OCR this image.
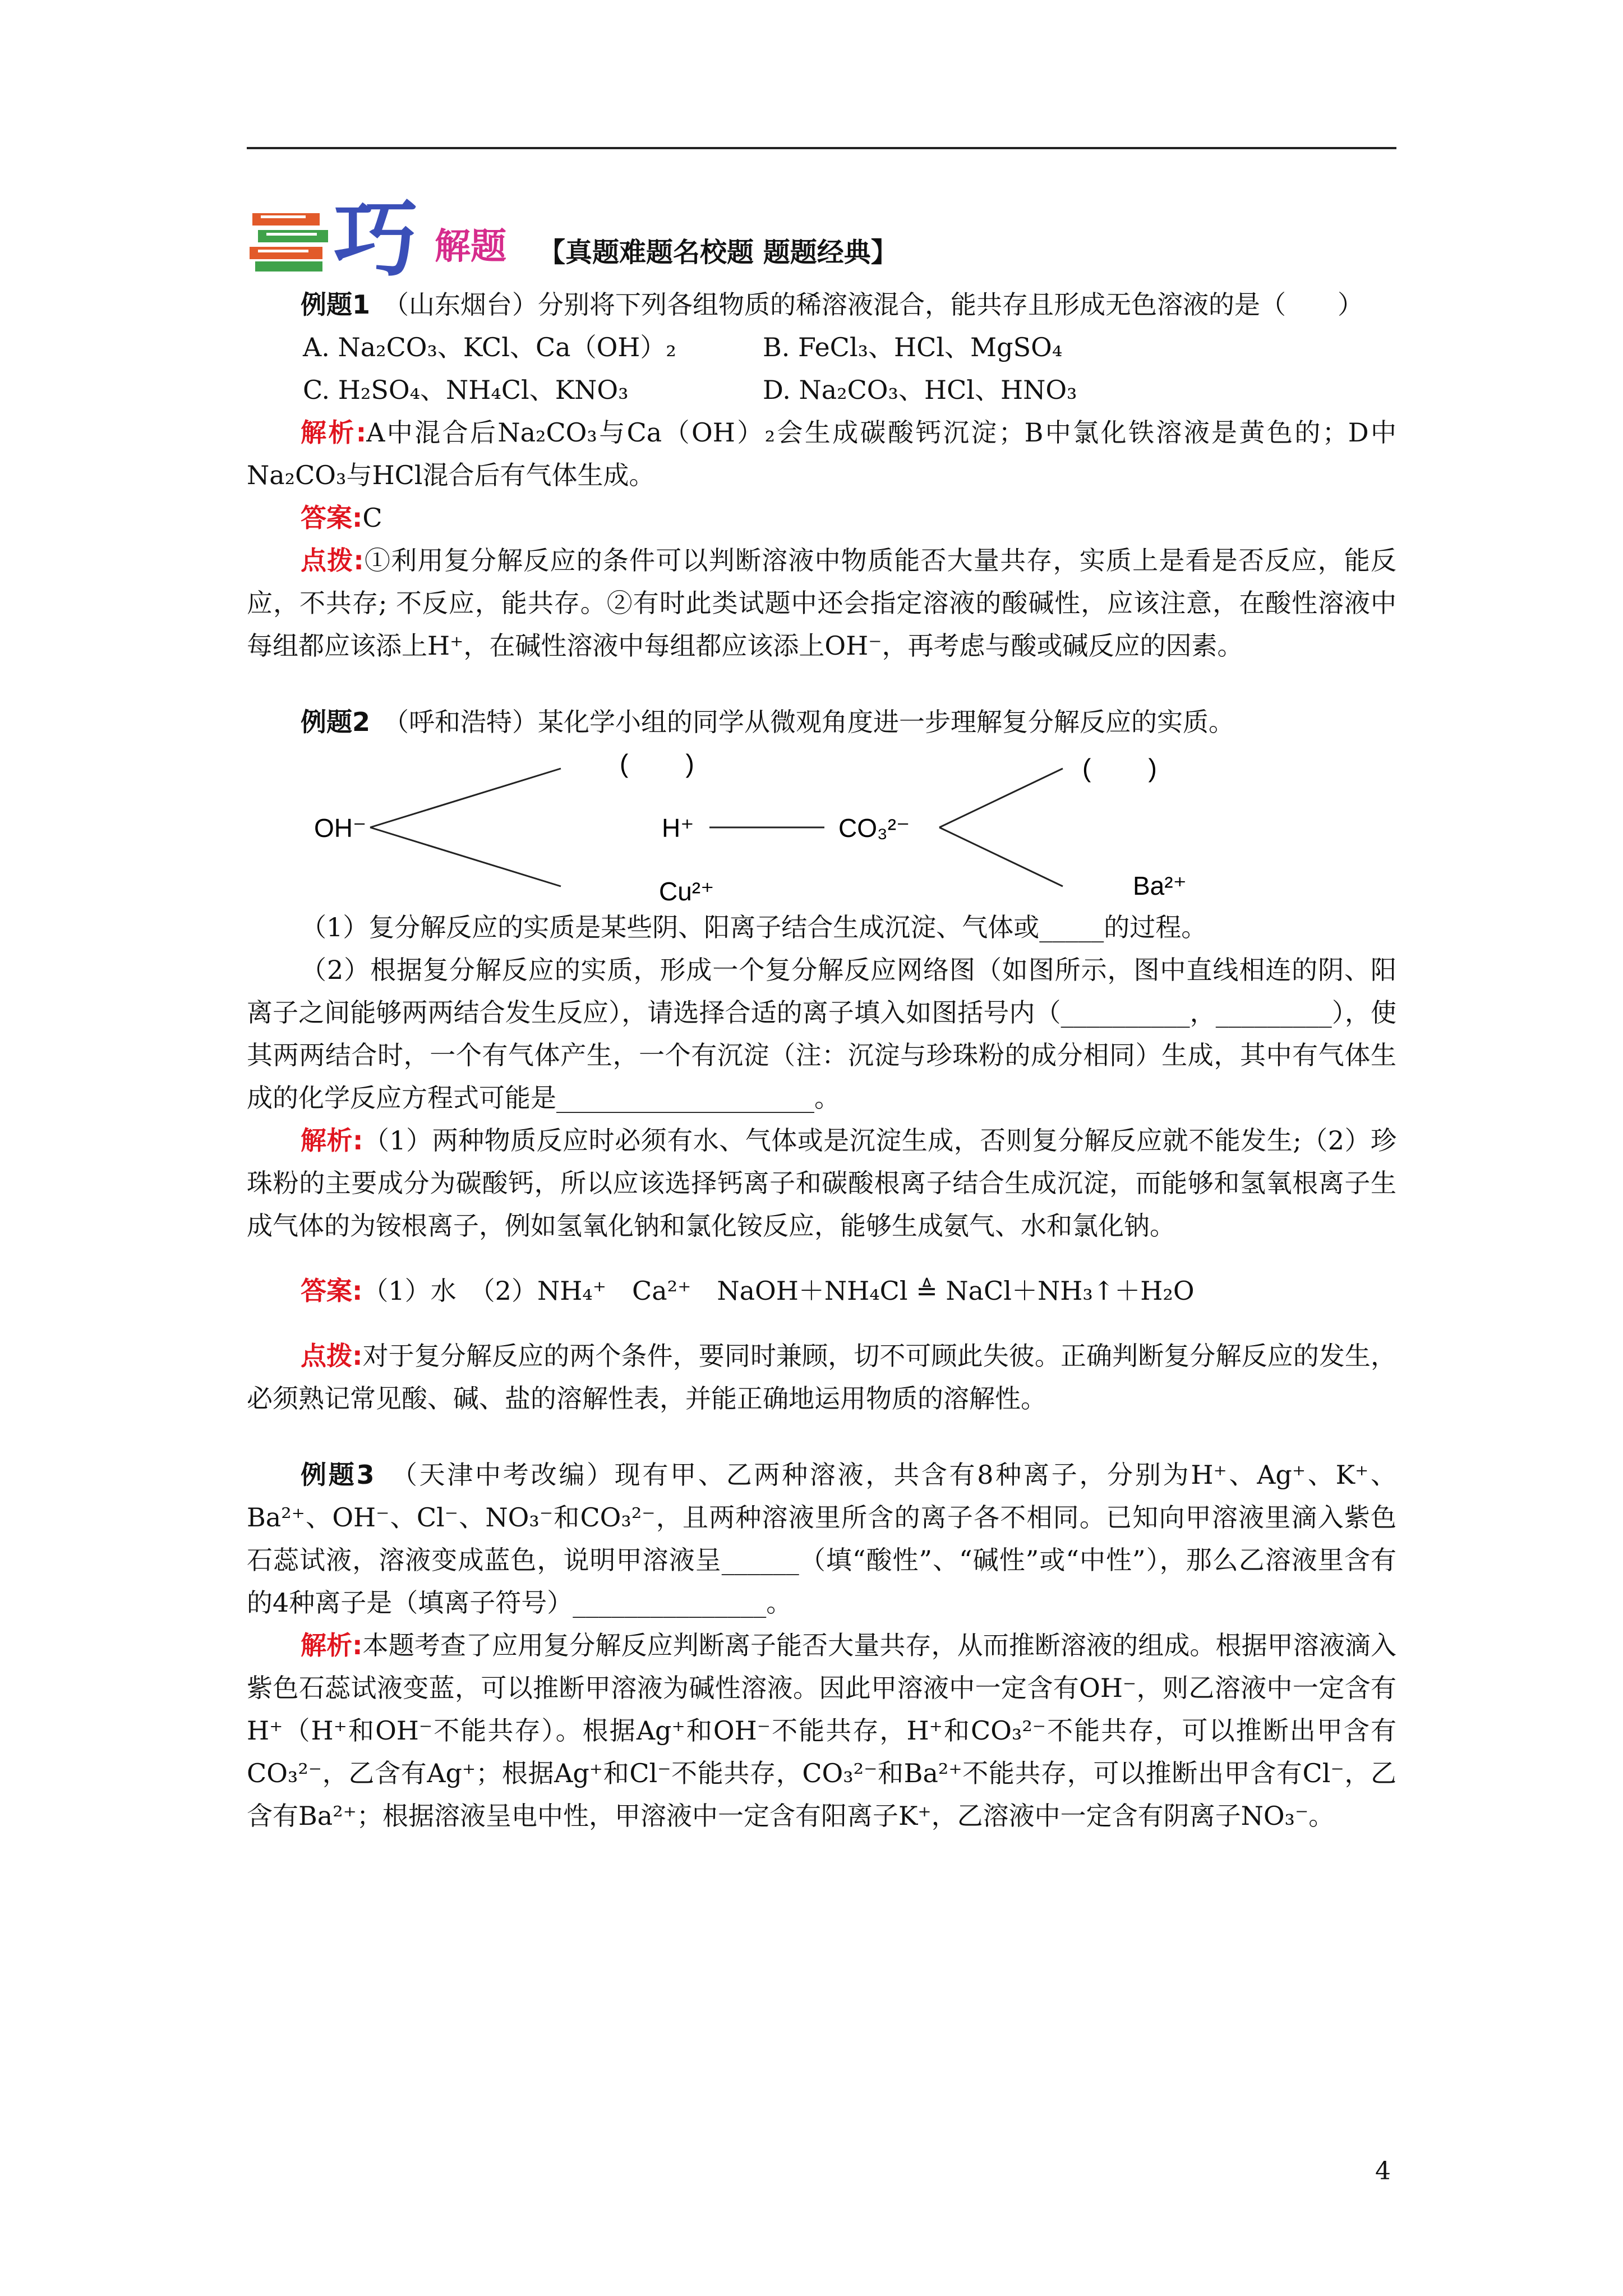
巧 解题 【真题难题名校题 题题经典】

例题1　 （山东烟台）分别将下列各组物质的稀溶液混合，能共存且形成无色溶液的是（　　）

A. Na₂CO₃、KCl、Ca（OH）₂	B. FeCl₃、HCl、MgSO₄

C. H₂SO₄、NH₄Cl、KNO₃	D. Na₂CO₃、HCl、HNO₃

解析:A中混合后Na₂CO₃与Ca（OH）₂会生成碳酸钙沉淀；B中氯化铁溶液是黄色的；D中 Na₂CO₃与HCl混合后有气体生成。

答案:C

点拨:①利用复分解反应的条件可以判断溶液中物质能否大量共存，实质上是看是否反应，能反应，不共存; 不反应，能共存。②有时此类试题中还会指定溶液的酸碱性，应该注意，在酸性溶液中每组都应该添上H⁺，在碱性溶液中每组都应该添上OH⁻，再考虑与酸或碱反应的因素。

例题2　 （呼和浩特）某化学小组的同学从微观角度进一步理解复分解反应的实质。

OH⁻	H⁺	CO₃²⁻
Cu²⁺	Ba²⁺
(        )	(        )

（1）复分解反应的实质是某些阴、阳离子结合生成沉淀、气体或_____的过程。

（2）根据复分解反应的实质，形成一个复分解反应网络图（如图所示，图中直线相连的阴、阳离子之间能够两两结合发生反应），请选择合适的离子填入如图括号内（__________，_________），使其两两结合时，一个有气体产生，一个有沉淀（注：沉淀与珍珠粉的成分相同）生成，其中有气体生成的化学反应方程式可能是____________________。

解析:（1）两种物质反应时必须有水、气体或是沉淀生成，否则复分解反应就不能发生;（2）珍珠粉的主要成分为碳酸钙，所以应该选择钙离子和碳酸根离子结合生成沉淀，而能够和氢氧根离子生成气体的为铵根离子，例如氢氧化钠和氯化铵反应，能够生成氨气、水和氯化钠。

答案:（1）水　（2）NH₄⁺　Ca²⁺　NaOH＋NH₄Cl ≜ NaCl＋NH₃↑＋H₂O

点拨:对于复分解反应的两个条件，要同时兼顾，切不可顾此失彼。正确判断复分解反应的发生，必须熟记常见酸、碱、盐的溶解性表，并能正确地运用物质的溶解性。

例题3　 （天津中考改编）现有甲、乙两种溶液，共含有8种离子，分别为H⁺、Ag⁺、K⁺、Ba²⁺、OH⁻、Cl⁻、NO₃⁻和CO₃²⁻，且两种溶液里所含的离子各不相同。已知向甲溶液里滴入紫色石蕊试液，溶液变成蓝色，说明甲溶液呈______（填“酸性”、“碱性”或“中性”），那么乙溶液里含有的4种离子是（填离子符号）_______________。

解析:本题考查了应用复分解反应判断离子能否大量共存，从而推断溶液的组成。根据甲溶液滴入紫色石蕊试液变蓝，可以推断甲溶液为碱性溶液。因此甲溶液中一定含有OH⁻，则乙溶液中一定含有H⁺（H⁺和OH⁻不能共存）。根据Ag⁺和OH⁻不能共存，H⁺和CO₃²⁻不能共存，可以推断出甲含有CO₃²⁻，乙含有Ag⁺；根据Ag⁺和Cl⁻不能共存，CO₃²⁻和Ba²⁺不能共存，可以推断出甲含有Cl⁻，乙含有Ba²⁺；根据溶液呈电中性，甲溶液中一定含有阳离子K⁺，乙溶液中一定含有阴离子NO₃⁻。

4
